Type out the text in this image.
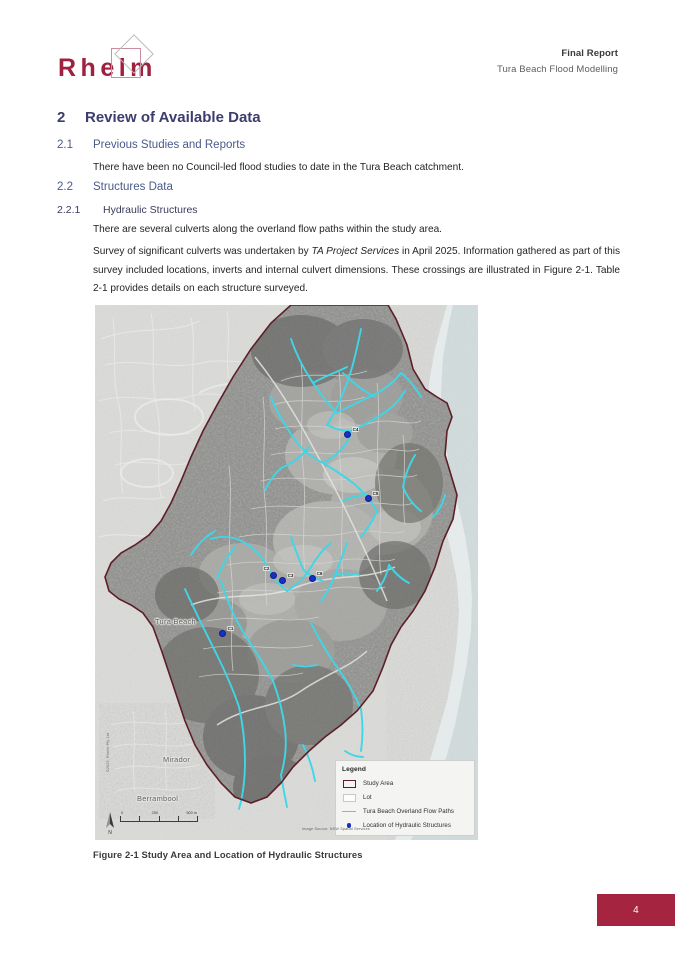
Rhelm
Final Report
Tura Beach Flood Modelling
2	Review of Available Data
2.1	Previous Studies and Reports
There have been no Council-led flood studies to date in the Tura Beach catchment.
2.2	Structures Data
2.2.1	Hydraulic Structures
There are several culverts along the overland flow paths within the study area.
Survey of significant culverts was undertaken by TA Project Services in April 2025. Information gathered as part of this survey included locations, inverts and internal culvert dimensions. These crossings are illustrated in Figure 2-1. Table 2-1 provides details on each structure surveyed.
Tura Beach
Mirador
Berrambool
C1
C2
C3
C4
C5
C6
Legend
Study Area
Lot
Tura Beach Overland Flow Paths
Location of Hydraulic Structures
N
0	250	500 m
©2025, Rhelm Pty Ltd
Image Source: NSW Spatial Services
Figure 2-1 Study Area and Location of Hydraulic Structures
4
